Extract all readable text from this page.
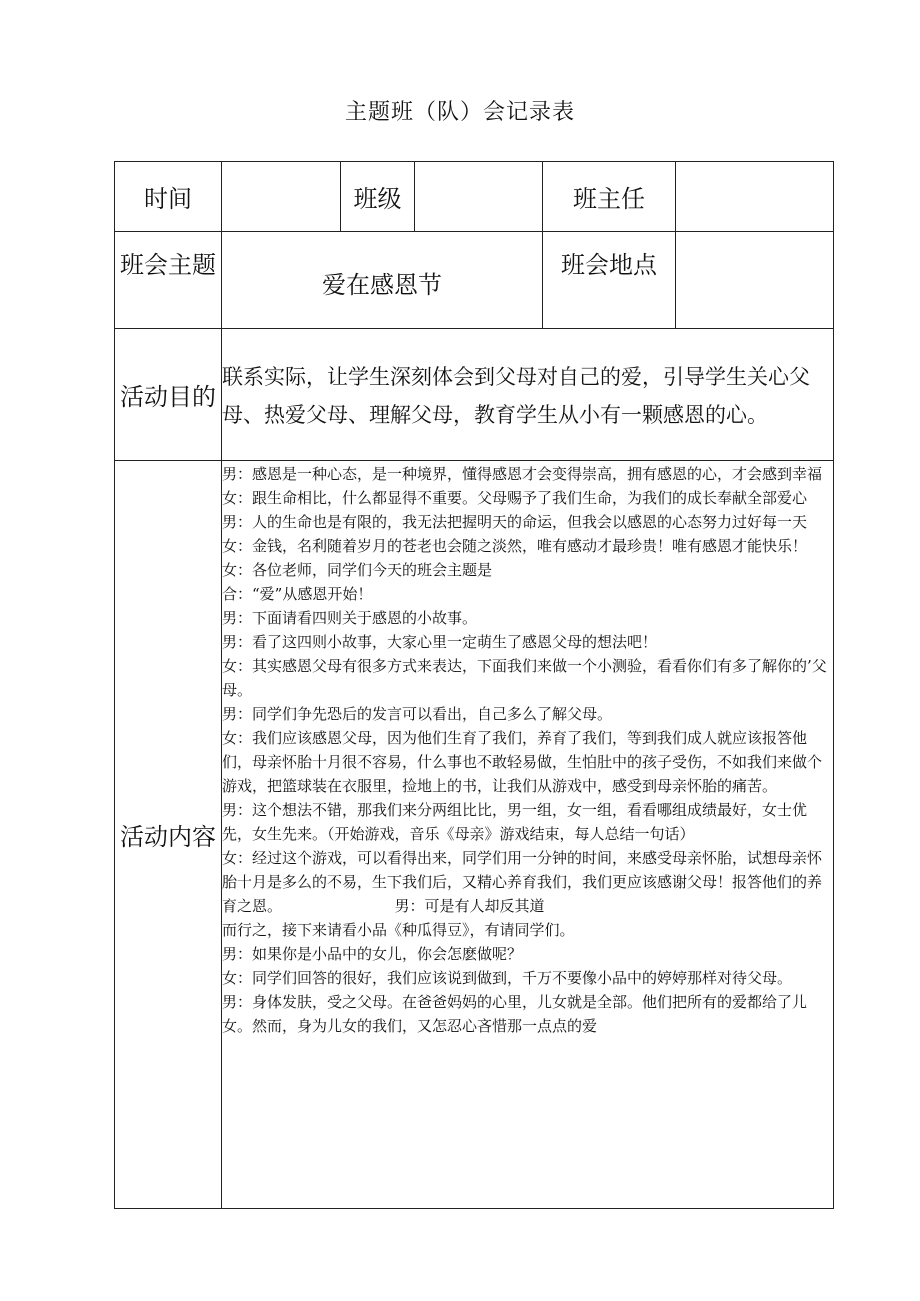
主题班（队）会记录表
时间	班级	班主任
班会主题
爱在感恩节
班会地点
活动目的
联系实际，让学生深刻体会到父母对自己的爱，引导学生关心父母、热爱父母、理解父母，教育学生从小有一颗感恩的心。
活动内容

男：感恩是一种心态，是一种境界，懂得感恩才会变得崇高，拥有感恩的心，才会感到幸福

女：跟生命相比，什么都显得不重要。父母赐予了我们生命，为我们的成长奉献全部爱心

男：人的生命也是有限的，我无法把握明天的命运，但我会以感恩的心态努力过好每一天

女：金钱，名利随着岁月的苍老也会随之淡然，唯有感动才最珍贵！唯有感恩才能快乐！

女：各位老师，同学们今天的班会主题是

合：“爱”从感恩开始！

男：下面请看四则关于感恩的小故事。

男：看了这四则小故事，大家心里一定萌生了感恩父母的想法吧！

女：其实感恩父母有很多方式来表达，下面我们来做一个小测验，看看你们有多了解你的’父母。

男：同学们争先恐后的发言可以看出，自己多么了解父母。

女：我们应该感恩父母，因为他们生育了我们，养育了我们，等到我们成人就应该报答他们，母亲怀胎十月很不容易，什么事也不敢轻易做，生怕肚中的孩子受伤，不如我们来做个游戏，把篮球装在衣服里，捡地上的书，让我们从游戏中，感受到母亲怀胎的痛苦。

男：这个想法不错，那我们来分两组比比，男一组，女一组，看看哪组成绩最好，女士优先，女生先来。（开始游戏，音乐《母亲》游戏结束，每人总结一句话）

女：经过这个游戏，可以看得出来，同学们用一分钟的时间，来感受母亲怀胎，试想母亲怀胎十月是多么的不易，生下我们后，又精心养育我们，我们更应该感谢父母！报答他们的养育之恩。　　　　　　　　男：可是有人却反其道

而行之，接下来请看小品《种瓜得豆》，有请同学们。

男：如果你是小品中的女儿，你会怎麽做呢？

女：同学们回答的很好，我们应该说到做到，千万不要像小品中的婷婷那样对待父母。

男：身体发肤，受之父母。在爸爸妈妈的心里，儿女就是全部。他们把所有的爱都给了儿女。然而，身为儿女的我们，又怎忍心吝惜那一点点的爱
